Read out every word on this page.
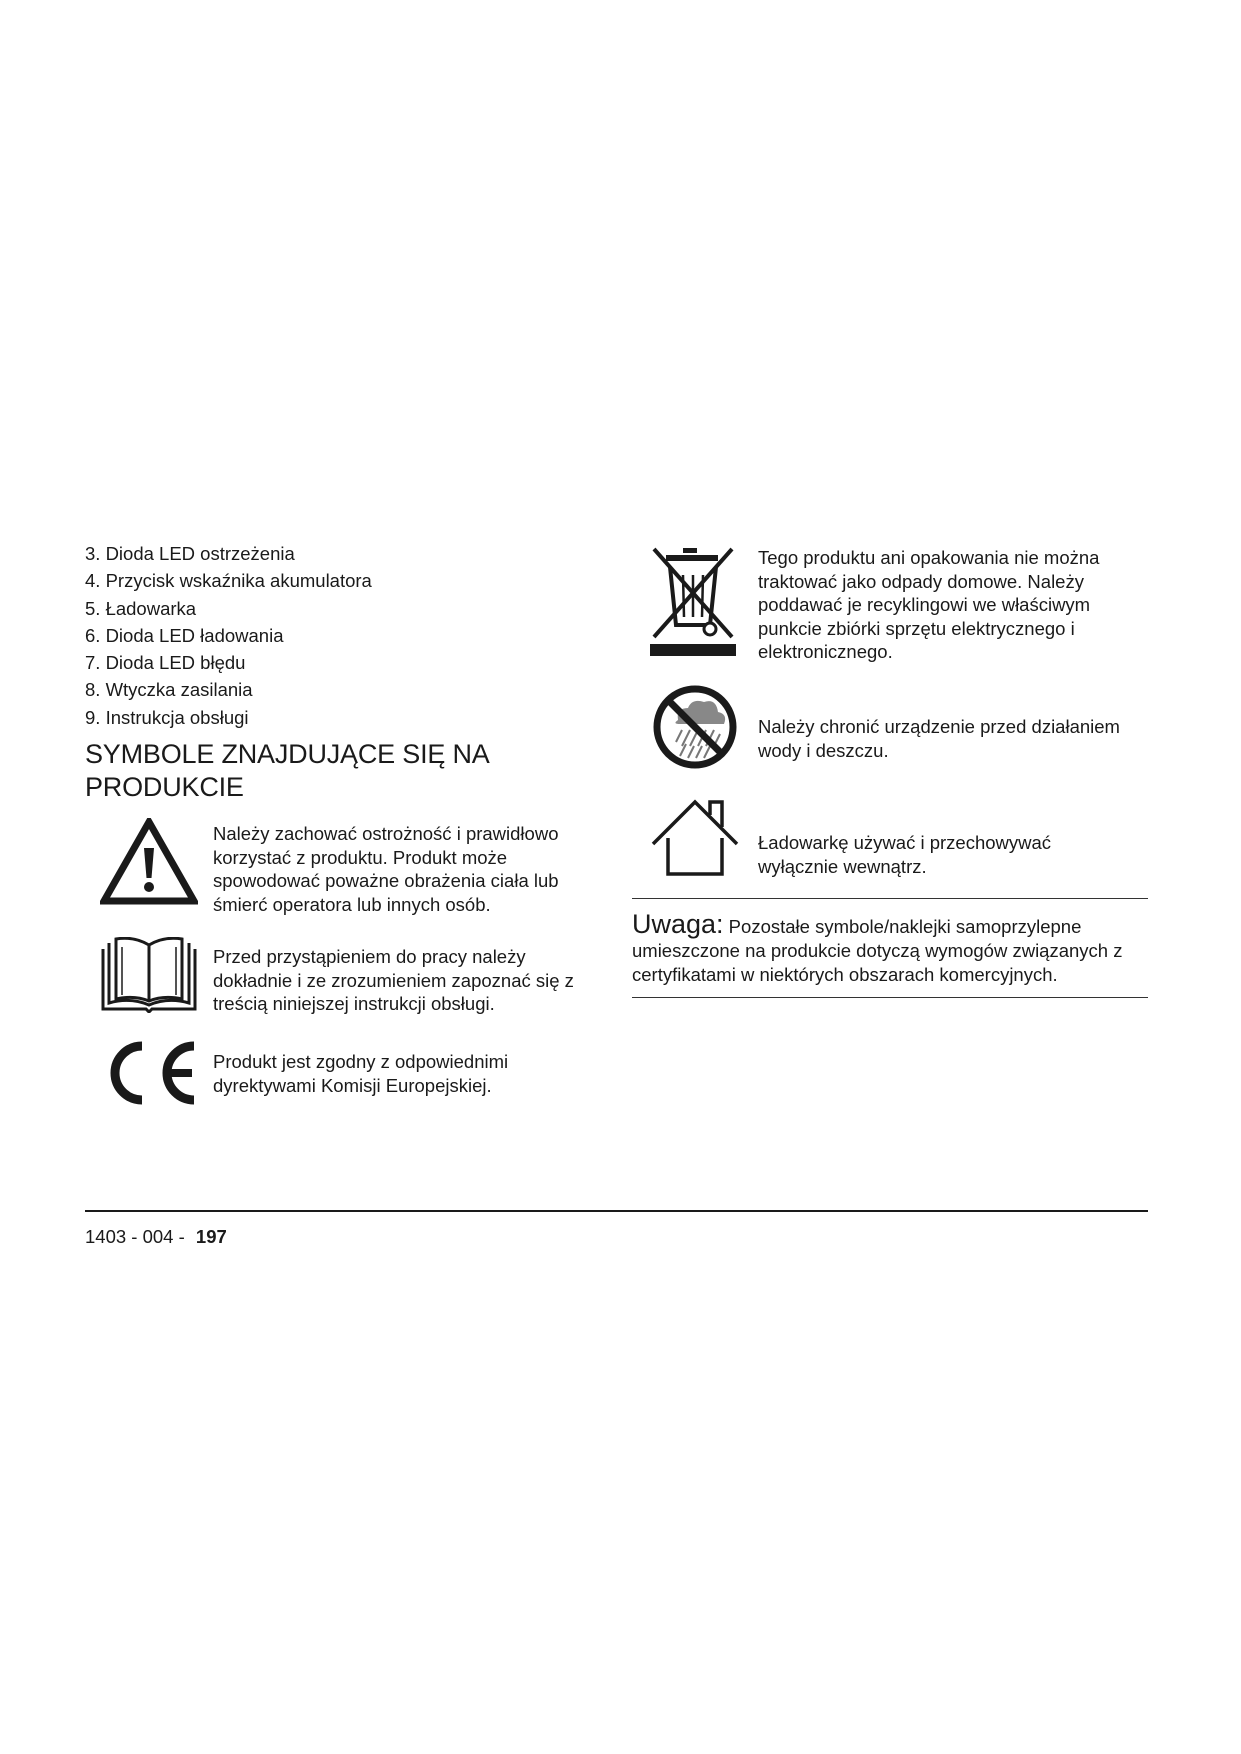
3. Dioda LED ostrzeżenia
4. Przycisk wskaźnika akumulatora
5. Ładowarka
6. Dioda LED ładowania
7. Dioda LED błędu
8. Wtyczka zasilania
9. Instrukcja obsługi
SYMBOLE ZNAJDUJĄCE SIĘ NA
PRODUKCIE
Należy zachować ostrożność i prawidłowo
korzystać z produktu. Produkt może
spowodować poważne obrażenia ciała lub
śmierć operatora lub innych osób.
Przed przystąpieniem do pracy należy
dokładnie i ze zrozumieniem zapoznać się z
treścią niniejszej instrukcji obsługi.
Produkt jest zgodny z odpowiednimi
dyrektywami Komisji Europejskiej.
Tego produktu ani opakowania nie można
traktować jako odpady domowe. Należy
poddawać je recyklingowi we właściwym
punkcie zbiórki sprzętu elektrycznego i
elektronicznego.
Należy chronić urządzenie przed działaniem
wody i deszczu.
Ładowarkę używać i przechowywać
wyłącznie wewnątrz.
Uwaga: Pozostałe symbole/naklejki samoprzylepne
umieszczone na produkcie dotyczą wymogów związanych z
certyfikatami w niektórych obszarach komercyjnych.
1403 - 004 - 197
